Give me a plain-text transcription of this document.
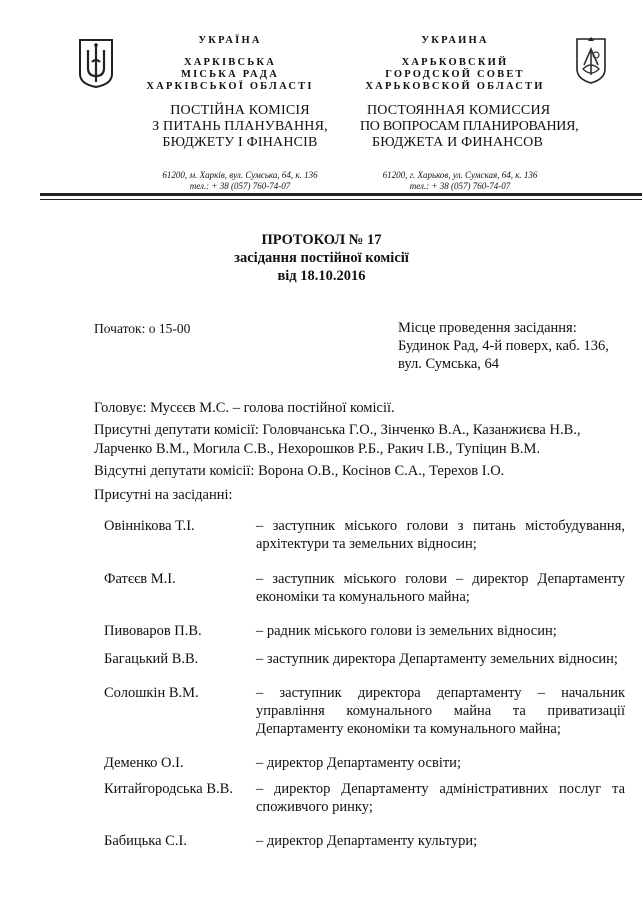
УКРАЇНА
ХАРКІВСЬКА
МІСЬКА РАДА
ХАРКІВСЬКОЇ ОБЛАСТІ
ПОСТІЙНА КОМІСІЯ
З ПИТАНЬ ПЛАНУВАННЯ,
БЮДЖЕТУ І ФІНАНСІВ
61200, м. Харків, вул. Сумська, 64, к. 136
тел.: + 38 (057) 760-74-07
УКРАИНА
ХАРЬКОВСКИЙ
ГОРОДСКОЙ СОВЕТ
ХАРЬКОВСКОЙ ОБЛАСТИ
ПОСТОЯННАЯ КОМИССИЯ
ПО ВОПРОСАМ ПЛАНИРОВАНИЯ,
БЮДЖЕТА И ФИНАНСОВ
61200, г. Харьков, ул. Сумская, 64, к. 136
тел.: + 38 (057) 760-74-07
ПРОТОКОЛ № 17
засідання постійної комісії
від 18.10.2016
Початок: о 15-00	Місце проведення засідання:
Будинок Рад, 4-й поверх, каб. 136,
вул. Сумська, 64
Головує: Мусєєв М.С. – голова постійної комісії.
Присутні депутати комісії: Головчанська Г.О., Зінченко В.А., Казанжиєва Н.В.,
Ларченко В.М., Могила С.В., Нехорошков Р.Б., Ракич І.В., Тупіцин В.М.
Відсутні депутати комісії: Ворона О.В., Косінов С.А., Терехов І.О.
Присутні на засіданні:
Овіннікова Т.І.	– заступник міського голови з питань містобудування, архітектури та земельних відносин;
Фатєєв М.І.	– заступник міського голови – директор Департаменту економіки та комунального майна;
Пивоваров П.В.	– радник міського голови із земельних відносин;
Багацький В.В.	– заступник директора Департаменту земельних відносин;
Солошкін В.М.	– заступник директора департаменту – начальник управління комунального майна та приватизації Департаменту економіки та комунального майна;
Деменко О.І.	– директор Департаменту освіти;
Китайгородська В.В.	– директор Департаменту адміністративних послуг та споживчого ринку;
Бабицька С.І.	– директор Департаменту культури;
